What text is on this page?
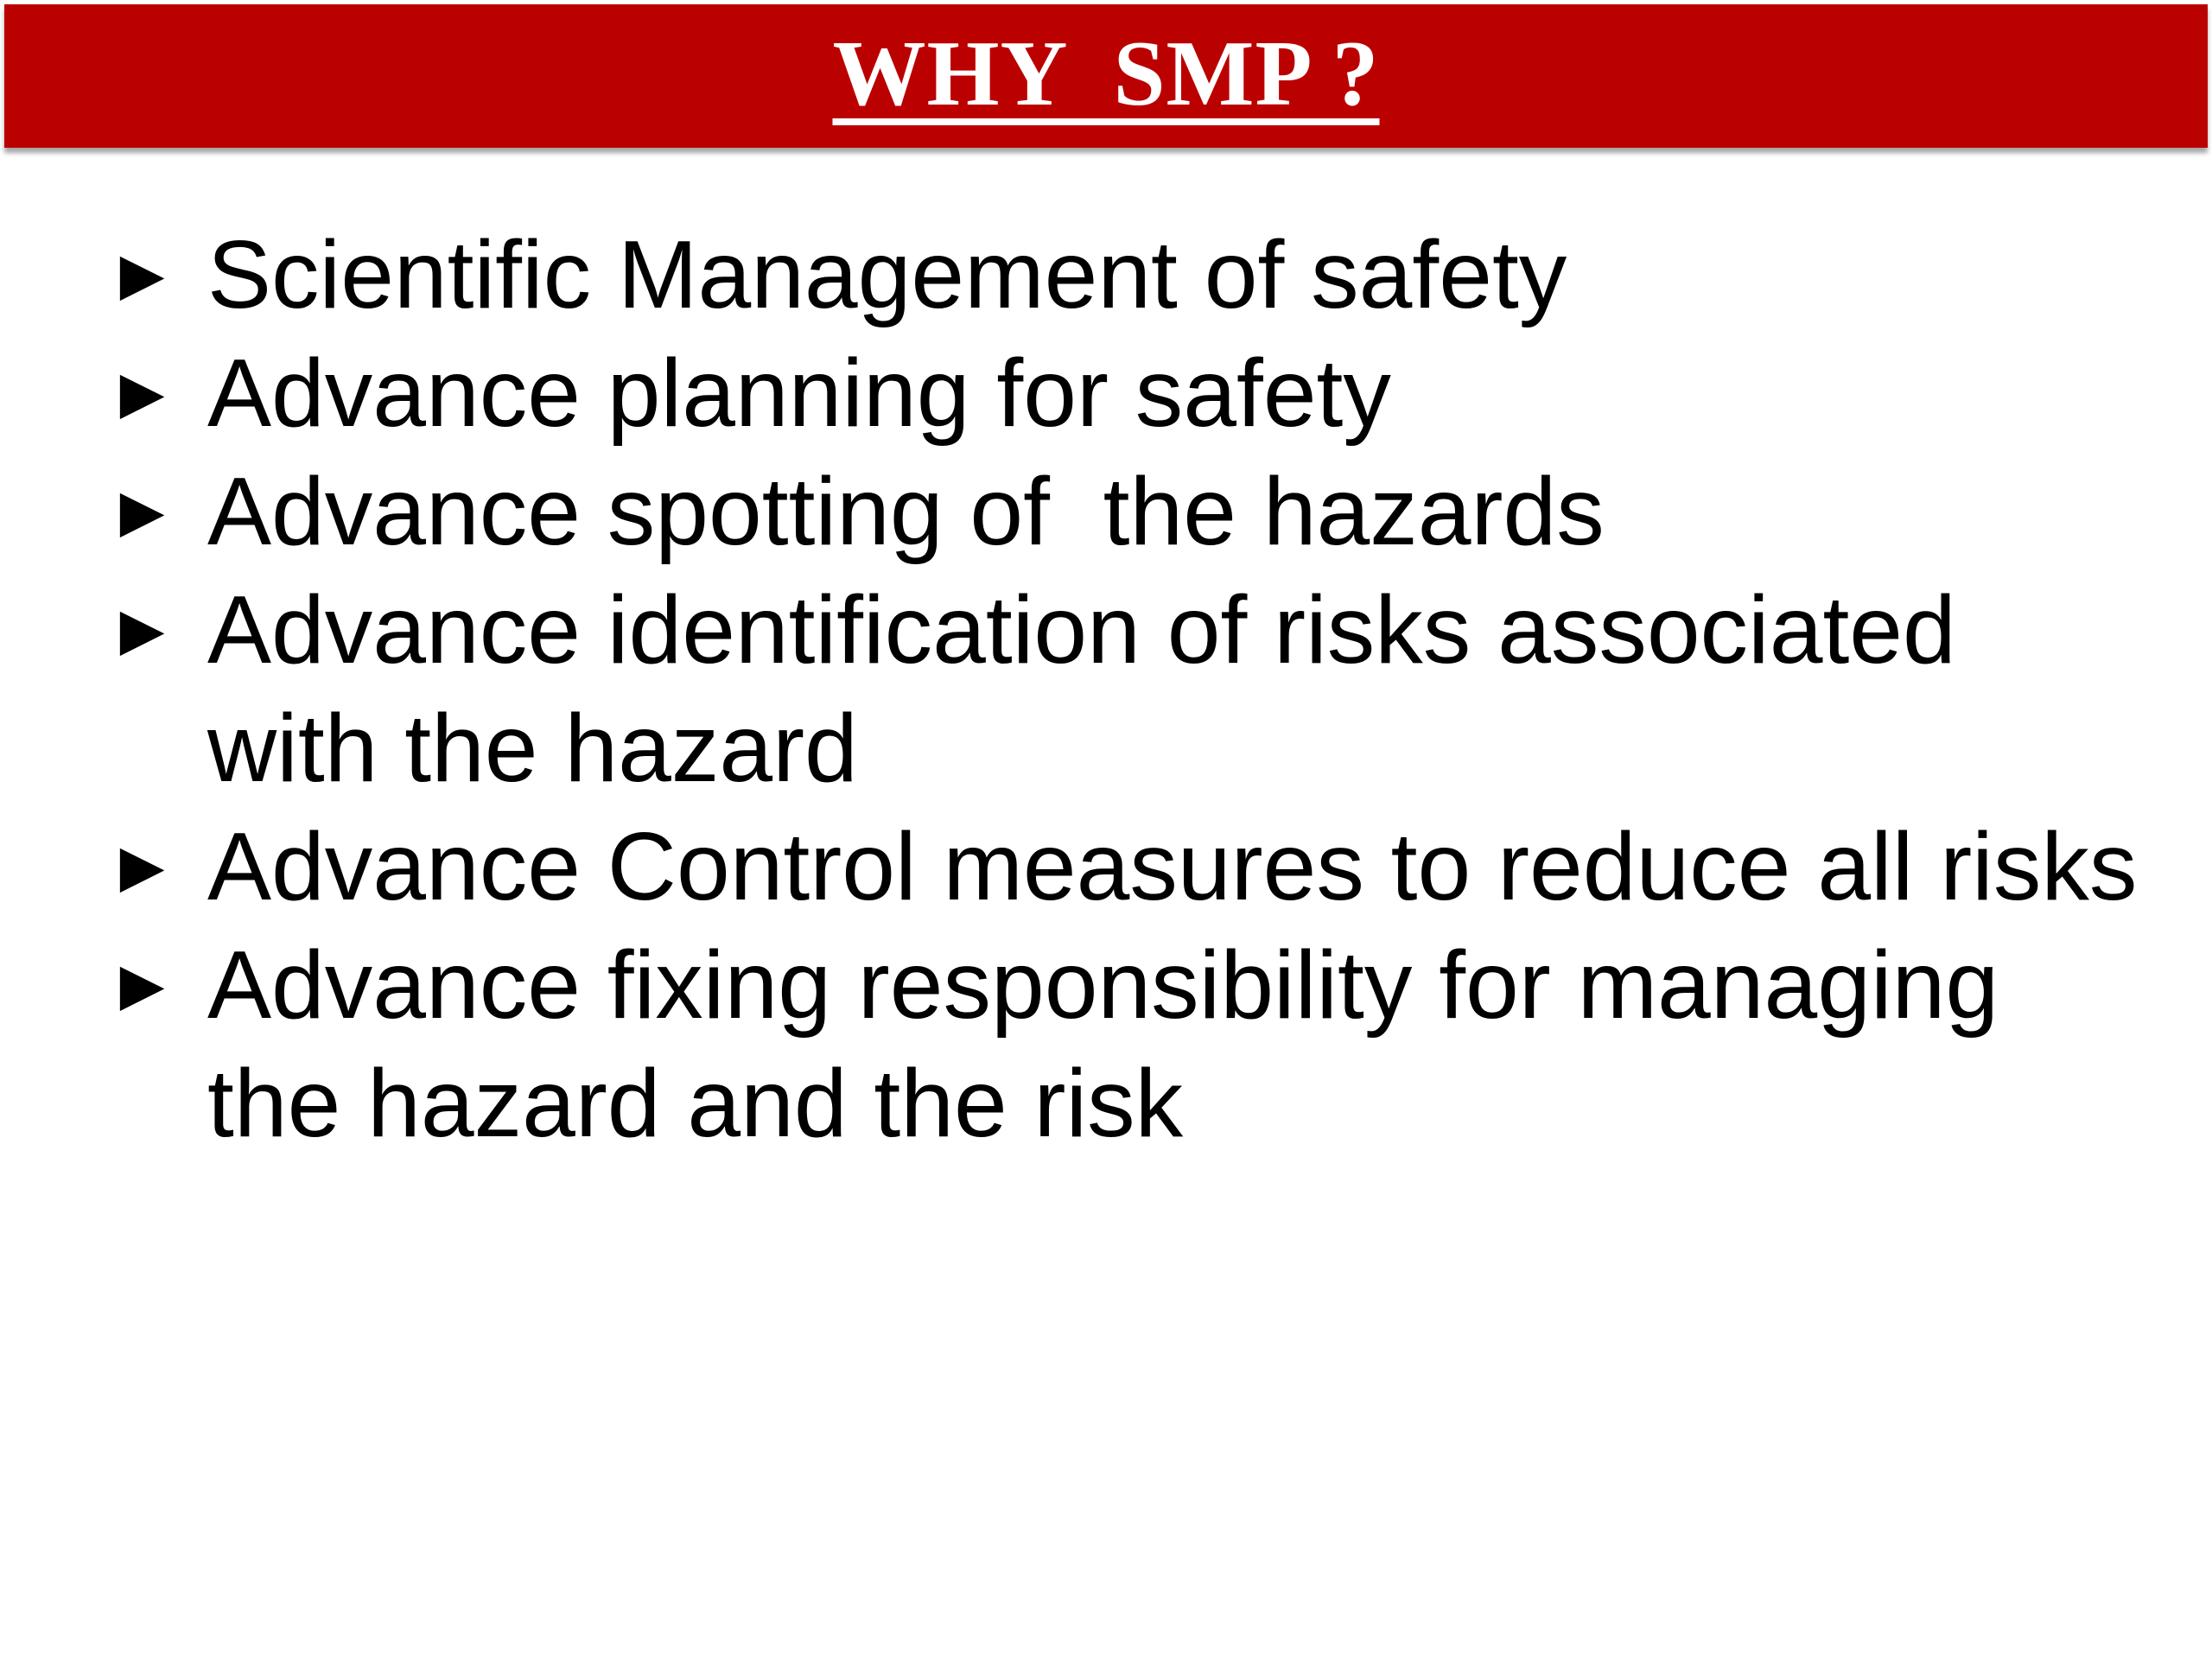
WHY  SMP ?
► Scientific Management of safety
► Advance planning for safety
► Advance spotting of  the hazards
► Advance identification of risks associated with the hazard
► Advance Control measures to reduce all risks
► Advance fixing responsibility for managing the hazard and the risk
